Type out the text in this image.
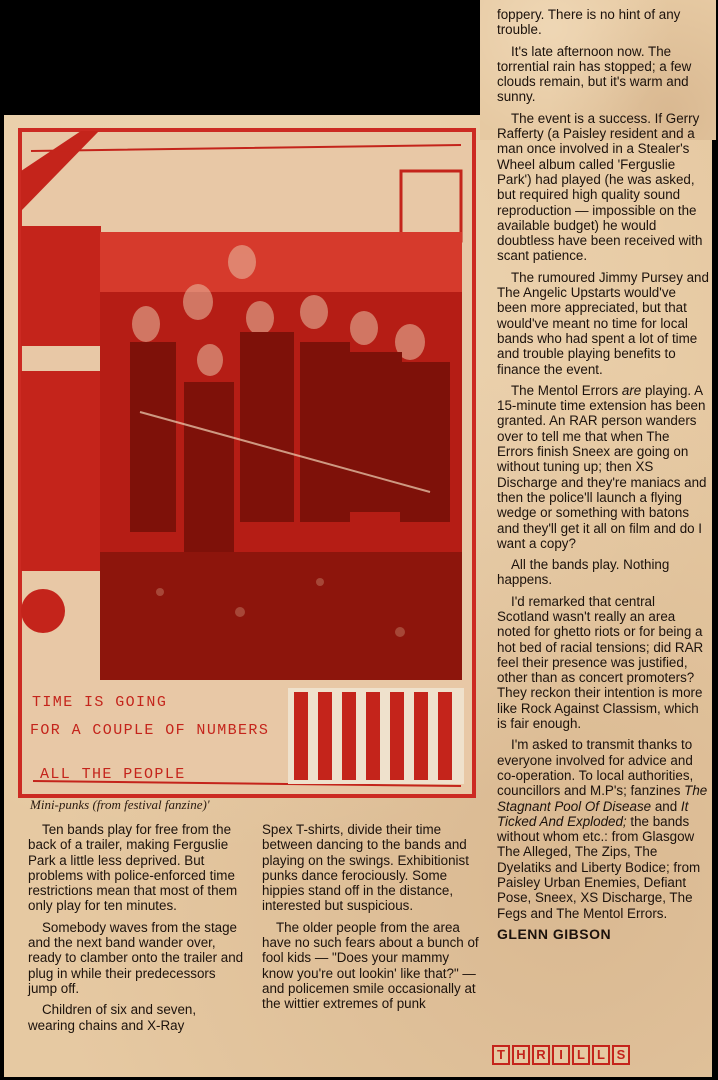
foppery. There is no hint of any trouble.

It's late afternoon now. The torrential rain has stopped; a few clouds remain, but it's warm and sunny.

The event is a success. If Gerry Rafferty (a Paisley resident and a man once involved in a Stealer's Wheel album called 'Ferguslie Park') had played (he was asked, but required high quality sound reproduction — impossible on the available budget) he would doubtless have been received with scant patience.

The rumoured Jimmy Pursey and The Angelic Upstarts would've been more appreciated, but that would've meant no time for local bands who had spent a lot of time and trouble playing benefits to finance the event.

The Mentol Errors are playing. A 15-minute time extension has been granted. An RAR person wanders over to tell me that when The Errors finish Sneex are going on without tuning up; then XS Discharge and they're maniacs and then the police'll launch a flying wedge or something with batons and they'll get it all on film and do I want a copy?

All the bands play. Nothing happens.

I'd remarked that central Scotland wasn't really an area noted for ghetto riots or for being a hot bed of racial tensions; did RAR feel their presence was justified, other than as concert promoters? They reckon their intention is more like Rock Against Classism, which is fair enough.

I'm asked to transmit thanks to everyone involved for advice and co-operation. To local authorities, councillors and M.P's; fanzines The Stagnant Pool Of Disease and It Ticked And Exploded; the bands without whom etc.: from Glasgow The Alleged, The Zips, The Dyelatiks and Liberty Bodice; from Paisley Urban Enemies, Defiant Pose, Sneex, XS Discharge, The Fegs and The Mentol Errors.

GLENN GIBSON
TIME IS GOING
FOR A COUPLE OF NUMBERS
ALL THE PEOPLE
Mini-punks (from festival fanzine)'

Ten bands play for free from the back of a trailer, making Ferguslie Park a little less deprived. But problems with police-enforced time restrictions mean that most of them only play for ten minutes.

Somebody waves from the stage and the next band wander over, ready to clamber onto the trailer and plug in while their predecessors jump off.

Children of six and seven, wearing chains and X-Ray

Spex T-shirts, divide their time between dancing to the bands and playing on the swings. Exhibitionist punks dance ferociously. Some hippies stand off in the distance, interested but suspicious.

The older people from the area have no such fears about a bunch of fool kids — "Does your mammy know you're out lookin' like that?" — and policemen smile occasionally at the wittier extremes of punk

T H R	I	L L S
